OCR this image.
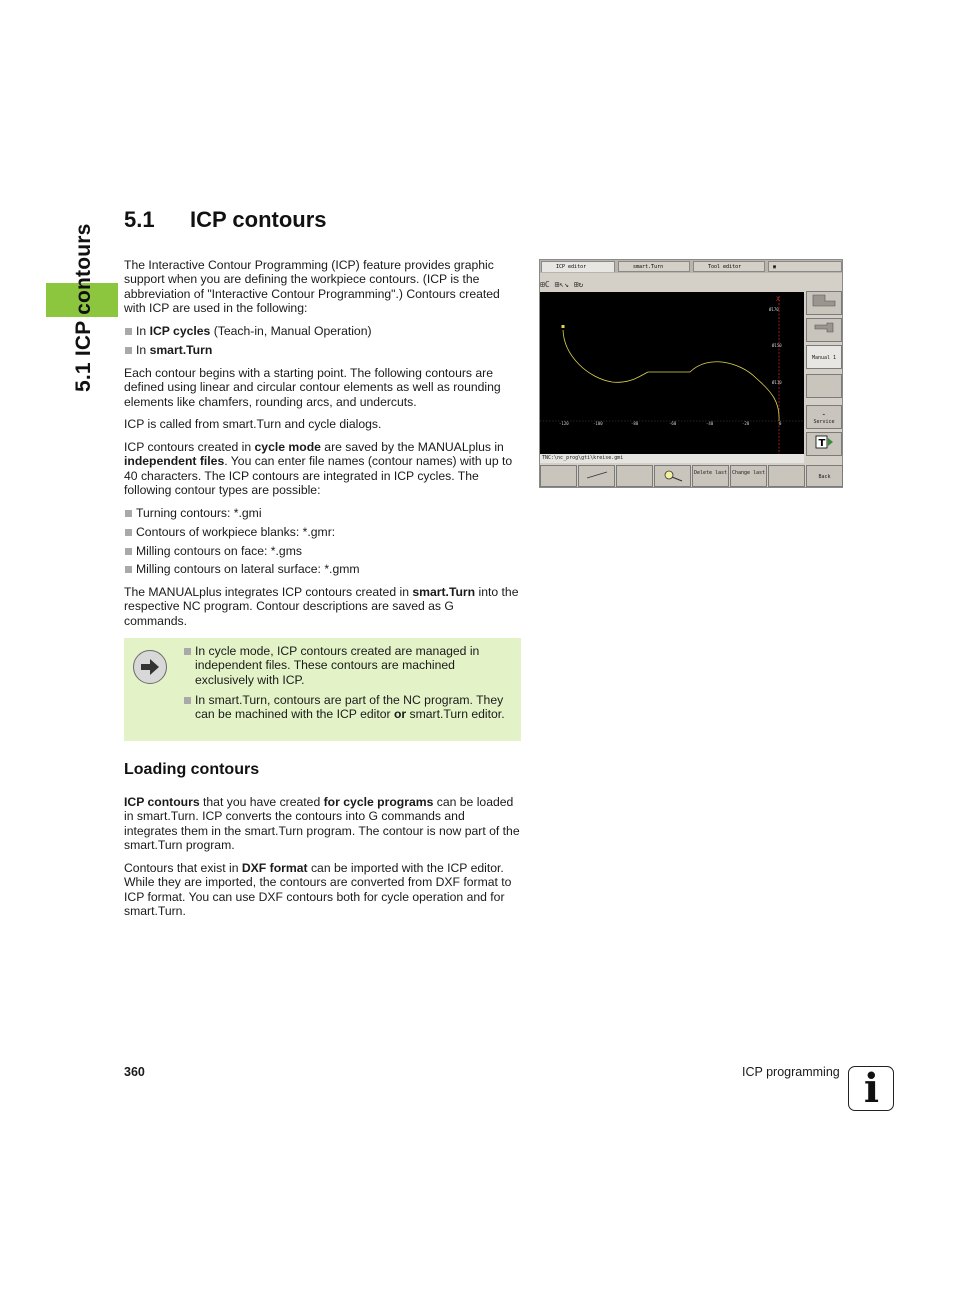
5.1 ICP contours
5.1 ICP contours

The Interactive Contour Programming (ICP) feature provides graphic support when you are defining the workpiece contours. (ICP is the abbreviation of "Interactive Contour Programming".) Contours created with ICP are used in the following:

In ICP cycles (Teach-in, Manual Operation)
In smart.Turn

Each contour begins with a starting point. The following contours are defined using linear and circular contour elements as well as rounding elements like chamfers, rounding arcs, and undercuts.

ICP is called from smart.Turn and cycle dialogs.

ICP contours created in cycle mode are saved by the MANUALplus in independent files. You can enter file names (contour names) with up to 40 characters. The ICP contours are integrated in ICP cycles. The following contour types are possible:

Turning contours: *.gmi
Contours of workpiece blanks: *.gmr:
Milling contours on face: *.gms
Milling contours on lateral surface: *.gmm

The MANUALplus integrates ICP contours created in smart.Turn into the respective NC program. Contour descriptions are saved as G commands.

In cycle mode, ICP contours created are managed in independent files. These contours are machined exclusively with ICP.
In smart.Turn, contours are part of the NC program. They can be machined with the ICP editor or smart.Turn editor.
Loading contours

ICP contours that you have created for cycle programs can be loaded in smart.Turn. ICP converts the contours into G commands and integrates them in the smart.Turn program. The contour is now part of the smart.Turn program.

Contours that exist in DXF format can be imported with the ICP editor. While they are imported, the contours are converted from DXF format to ICP format. You can use DXF contours both for cycle operation and for smart.Turn.

ICP editor	smart.Turn	Tool editor	▣
⊞C ⊞↖↘ ⊞↻
X
-120	-100	-80	-60	-40	-20	0
Ø170
Ø150
Ø110
TNC:\nc_prog\gti\kreise.gmi
Manual 1
⌁
Service
T
Delete last Change last
Back
360	ICP programming i
